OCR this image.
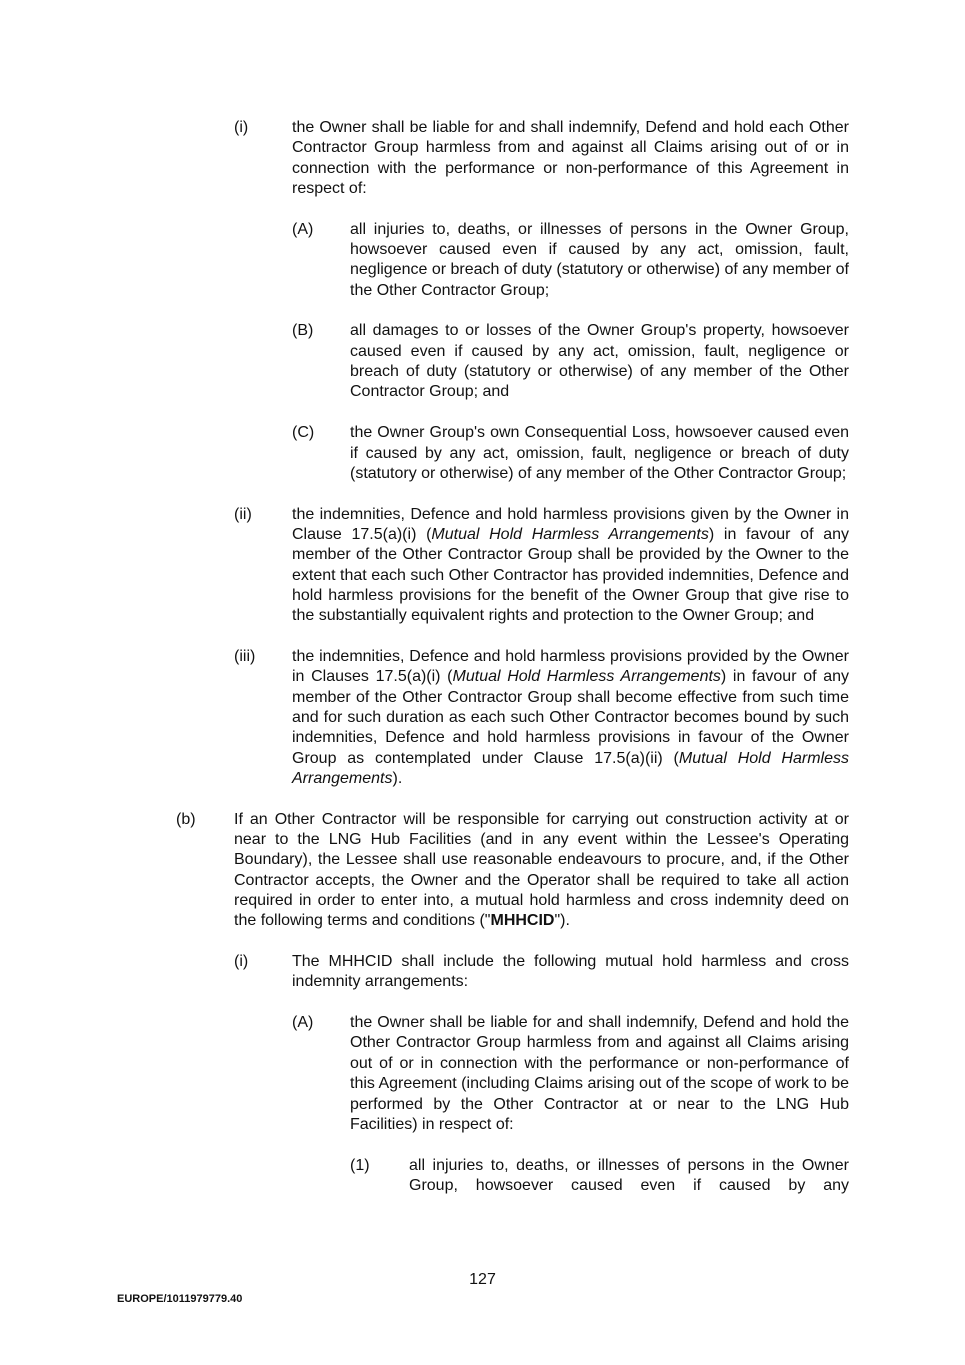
(i)	the Owner shall be liable for and shall indemnify, Defend and hold each Other Contractor Group harmless from and against all Claims arising out of or in connection with the performance or non-performance of this Agreement in respect of:
(A) all injuries to, deaths, or illnesses of persons in the Owner Group, howsoever caused even if caused by any act, omission, fault, negligence or breach of duty (statutory or otherwise) of any member of the Other Contractor Group;
(B) all damages to or losses of the Owner Group's property, howsoever caused even if caused by any act, omission, fault, negligence or breach of duty (statutory or otherwise) of any member of the Other Contractor Group; and
(C) the Owner Group's own Consequential Loss, howsoever caused even if caused by any act, omission, fault, negligence or breach of duty (statutory or otherwise) of any member of the Other Contractor Group;
(ii)	the indemnities, Defence and hold harmless provisions given by the Owner in Clause 17.5(a)(i) (Mutual Hold Harmless Arrangements) in favour of any member of the Other Contractor Group shall be provided by the Owner to the extent that each such Other Contractor has provided indemnities, Defence and hold harmless provisions for the benefit of the Owner Group that give rise to the substantially equivalent rights and protection to the Owner Group; and
(iii) the indemnities, Defence and hold harmless provisions provided by the Owner in Clauses 17.5(a)(i) (Mutual Hold Harmless Arrangements) in favour of any member of the Other Contractor Group shall become effective from such time and for such duration as each such Other Contractor becomes bound by such indemnities, Defence and hold harmless provisions in favour of the Owner Group as contemplated under Clause 17.5(a)(ii) (Mutual Hold Harmless Arrangements).
(b) If an Other Contractor will be responsible for carrying out construction activity at or near to the LNG Hub Facilities (and in any event within the Lessee's Operating Boundary), the Lessee shall use reasonable endeavours to procure, and, if the Other Contractor accepts, the Owner and the Operator shall be required to take all action required in order to enter into, a mutual hold harmless and cross indemnity deed on the following terms and conditions ("MHHCID").
(i)	The MHHCID shall include the following mutual hold harmless and cross indemnity arrangements:
(A) the Owner shall be liable for and shall indemnify, Defend and hold the Other Contractor Group harmless from and against all Claims arising out of or in connection with the performance or non-performance of this Agreement (including Claims arising out of the scope of work to be performed by the Other Contractor at or near to the LNG Hub Facilities) in respect of:
(1) all injuries to, deaths, or illnesses of persons in the Owner Group, howsoever caused even if caused by any
127
EUROPE/1011979779.40
